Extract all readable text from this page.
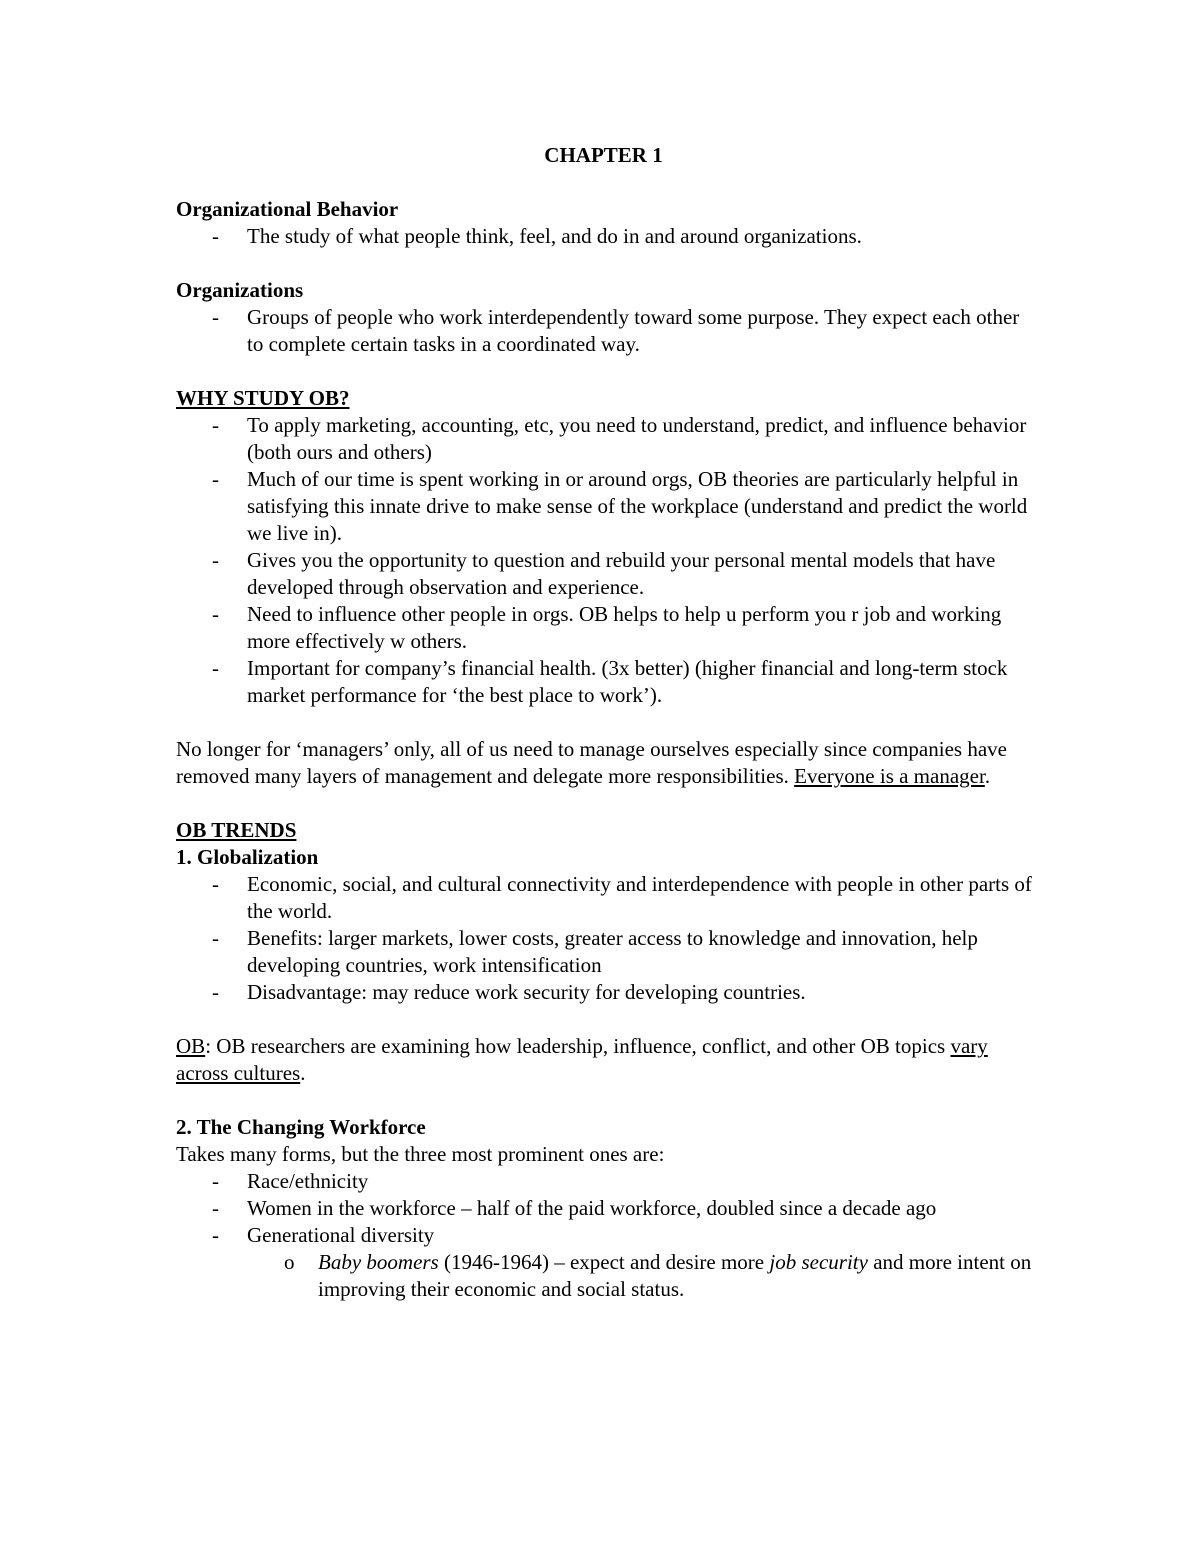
CHAPTER 1

Organizational Behavior

- The study of what people think, feel, and do in and around organizations.

Organizations

- Groups of people who work interdependently toward some purpose. They expect each other to complete certain tasks in a coordinated way.

WHY STUDY OB?

- To apply marketing, accounting, etc, you need to understand, predict, and influence behavior (both ours and others)
- Much of our time is spent working in or around orgs, OB theories are particularly helpful in satisfying this innate drive to make sense of the workplace (understand and predict the world we live in).
- Gives you the opportunity to question and rebuild your personal mental models that have developed through observation and experience.
- Need to influence other people in orgs. OB helps to help u perform you r job and working more effectively w others.
- Important for company’s financial health. (3x better) (higher financial and long-term stock market performance for ‘the best place to work’).

No longer for ‘managers’ only, all of us need to manage ourselves especially since companies have removed many layers of management and delegate more responsibilities. Everyone is a manager.

OB TRENDS

1. Globalization

- Economic, social, and cultural connectivity and interdependence with people in other parts of the world.
- Benefits: larger markets, lower costs, greater access to knowledge and innovation, help developing countries, work intensification
- Disadvantage: may reduce work security for developing countries.

OB: OB researchers are examining how leadership, influence, conflict, and other OB topics vary across cultures.

2. The Changing Workforce

Takes many forms, but the three most prominent ones are:

- Race/ethnicity
- Women in the workforce – half of the paid workforce, doubled since a decade ago
- Generational diversity
o Baby boomers (1946-1964) – expect and desire more job security and more intent on improving their economic and social status.
